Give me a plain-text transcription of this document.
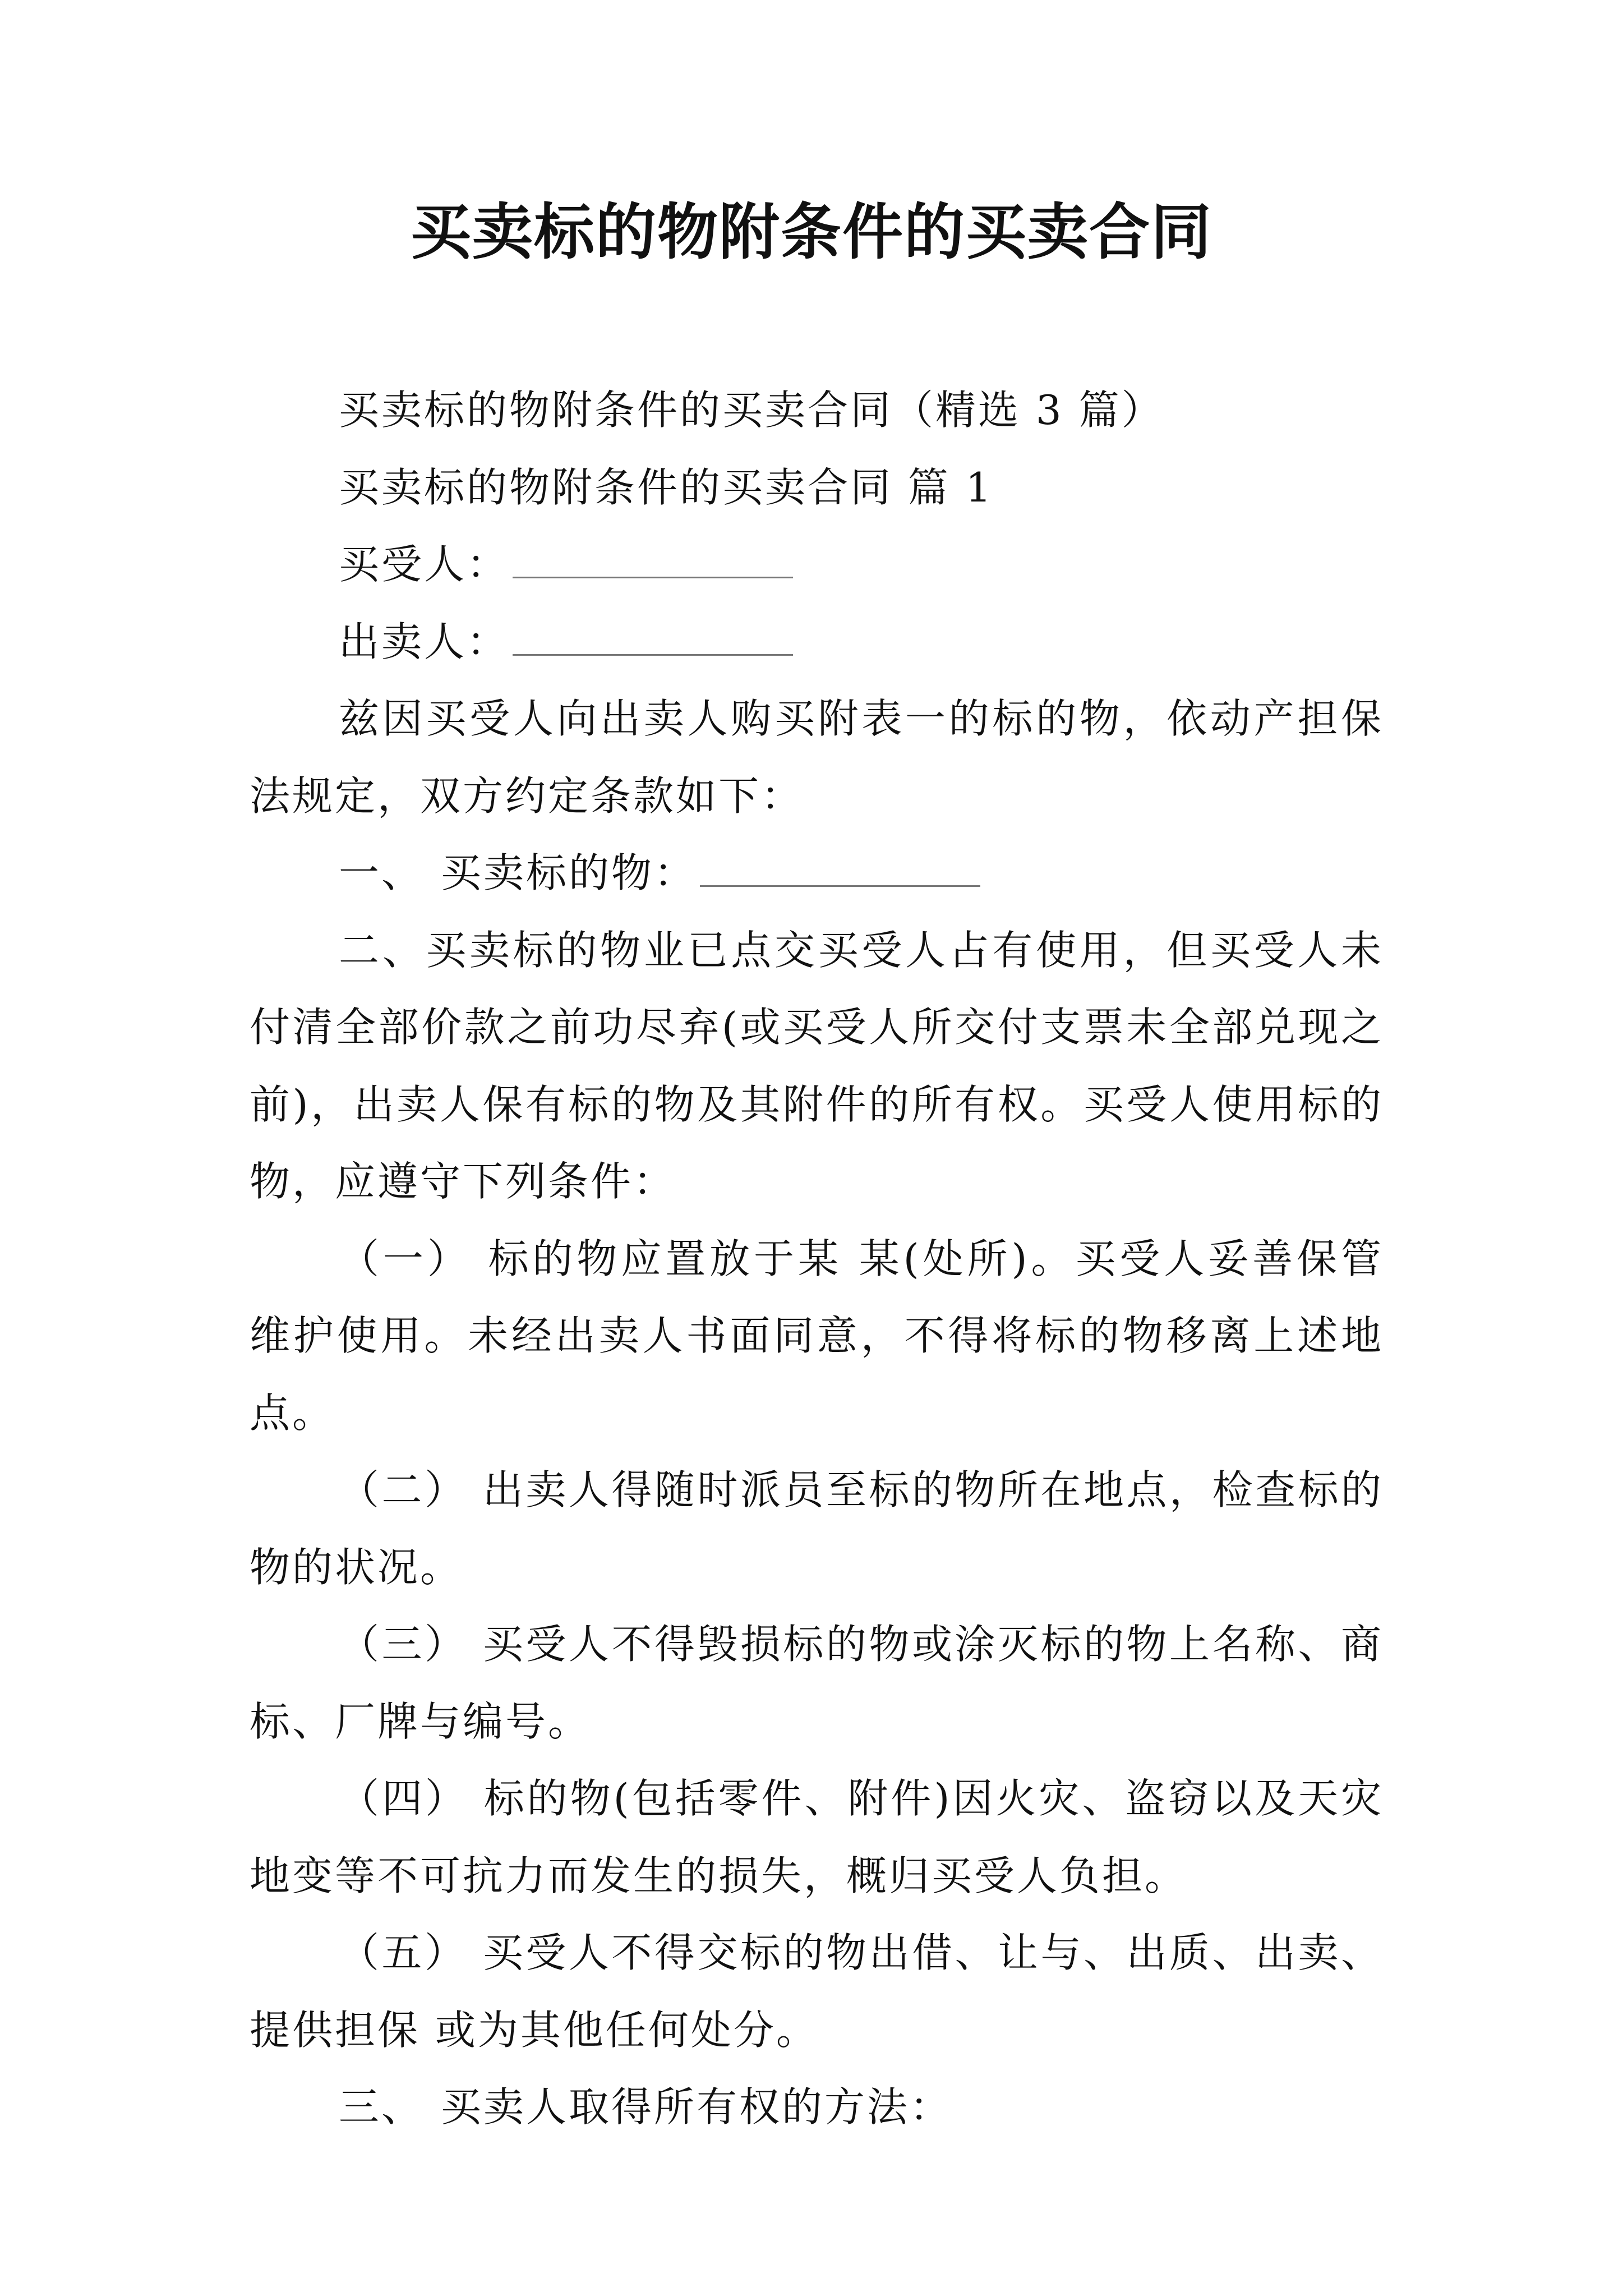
买卖标的物附条件的买卖合同

买卖标的物附条件的买卖合同（精选 3 篇）

买卖标的物附条件的买卖合同 篇 1

买受人：

出卖人：

兹因买受人向出卖人购买附表一的标的物，依动产担保法规定，双方约定条款如下：

一、 买卖标的物：

二、买卖标的物业已点交买受人占有使用，但买受人未付清全部价款之前功尽弃(或买受人所交付支票未全部兑现之前)，出卖人保有标的物及其附件的所有权。买受人使用标的物，应遵守下列条件：

（一） 标的物应置放于某 某(处所)。买受人妥善保管维护使用。未经出卖人书面同意，不得将标的物移离上述地点。

（二） 出卖人得随时派员至标的物所在地点，检查标的物的状况。

（三） 买受人不得毁损标的物或涂灭标的物上名称、商标、厂牌与编号。

（四） 标的物(包括零件、附件)因火灾、盗窃以及天灾地变等不可抗力而发生的损失，概归买受人负担。

（五） 买受人不得交标的物出借、让与、出质、出卖、提供担保 或为其他任何处分。

三、 买卖人取得所有权的方法：
